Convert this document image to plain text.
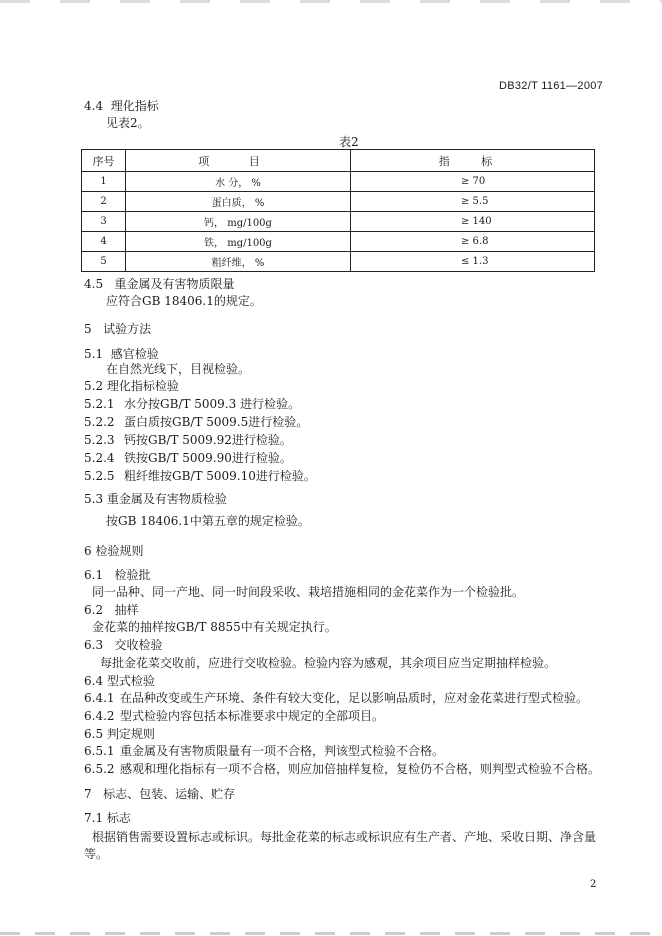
DB32/T 1161—2007
4.4 理化指标
见表2。
表2
序号	项 目	指 标
1	水 分， %	≥ 70
2	蛋白质， %	≥ 5.5
3	钙， mg/100g	≥ 140
4	铁， mg/100g	≥ 6.8
5	粗纤维， %	≤ 1.3
4.5 重金属及有害物质限量
应符合GB 18406.1的规定。
5 试验方法
5.1 感官检验
在自然光线下，目视检验。
5.2 理化指标检验
5.2.1 水分按GB/T 5009.3 进行检验。
5.2.2 蛋白质按GB/T 5009.5进行检验。
5.2.3 钙按GB/T 5009.92进行检验。
5.2.4 铁按GB/T 5009.90进行检验。
5.2.5 粗纤维按GB/T 5009.10进行检验。
5.3 重金属及有害物质检验
按GB 18406.1中第五章的规定检验。
6 检验规则
6.1 检验批
同一品种、同一产地、同一时间段采收、栽培措施相同的金花菜作为一个检验批。
6.2 抽样
金花菜的抽样按GB/T 8855中有关规定执行。
6.3 交收检验
每批金花菜交收前，应进行交收检验。检验内容为感观，其余项目应当定期抽样检验。
6.4 型式检验
6.4.1 在品种改变或生产环境、条件有较大变化，足以影响品质时，应对金花菜进行型式检验。
6.4.2 型式检验内容包括本标准要求中规定的全部项目。
6.5 判定规则
6.5.1 重金属及有害物质限量有一项不合格，判该型式检验不合格。
6.5.2 感观和理化指标有一项不合格，则应加倍抽样复检，复检仍不合格，则判型式检验不合格。
7 标志、包装、运输、贮存
7.1 标志
根据销售需要设置标志或标识。每批金花菜的标志或标识应有生产者、产地、采收日期、净含量
等。
2
